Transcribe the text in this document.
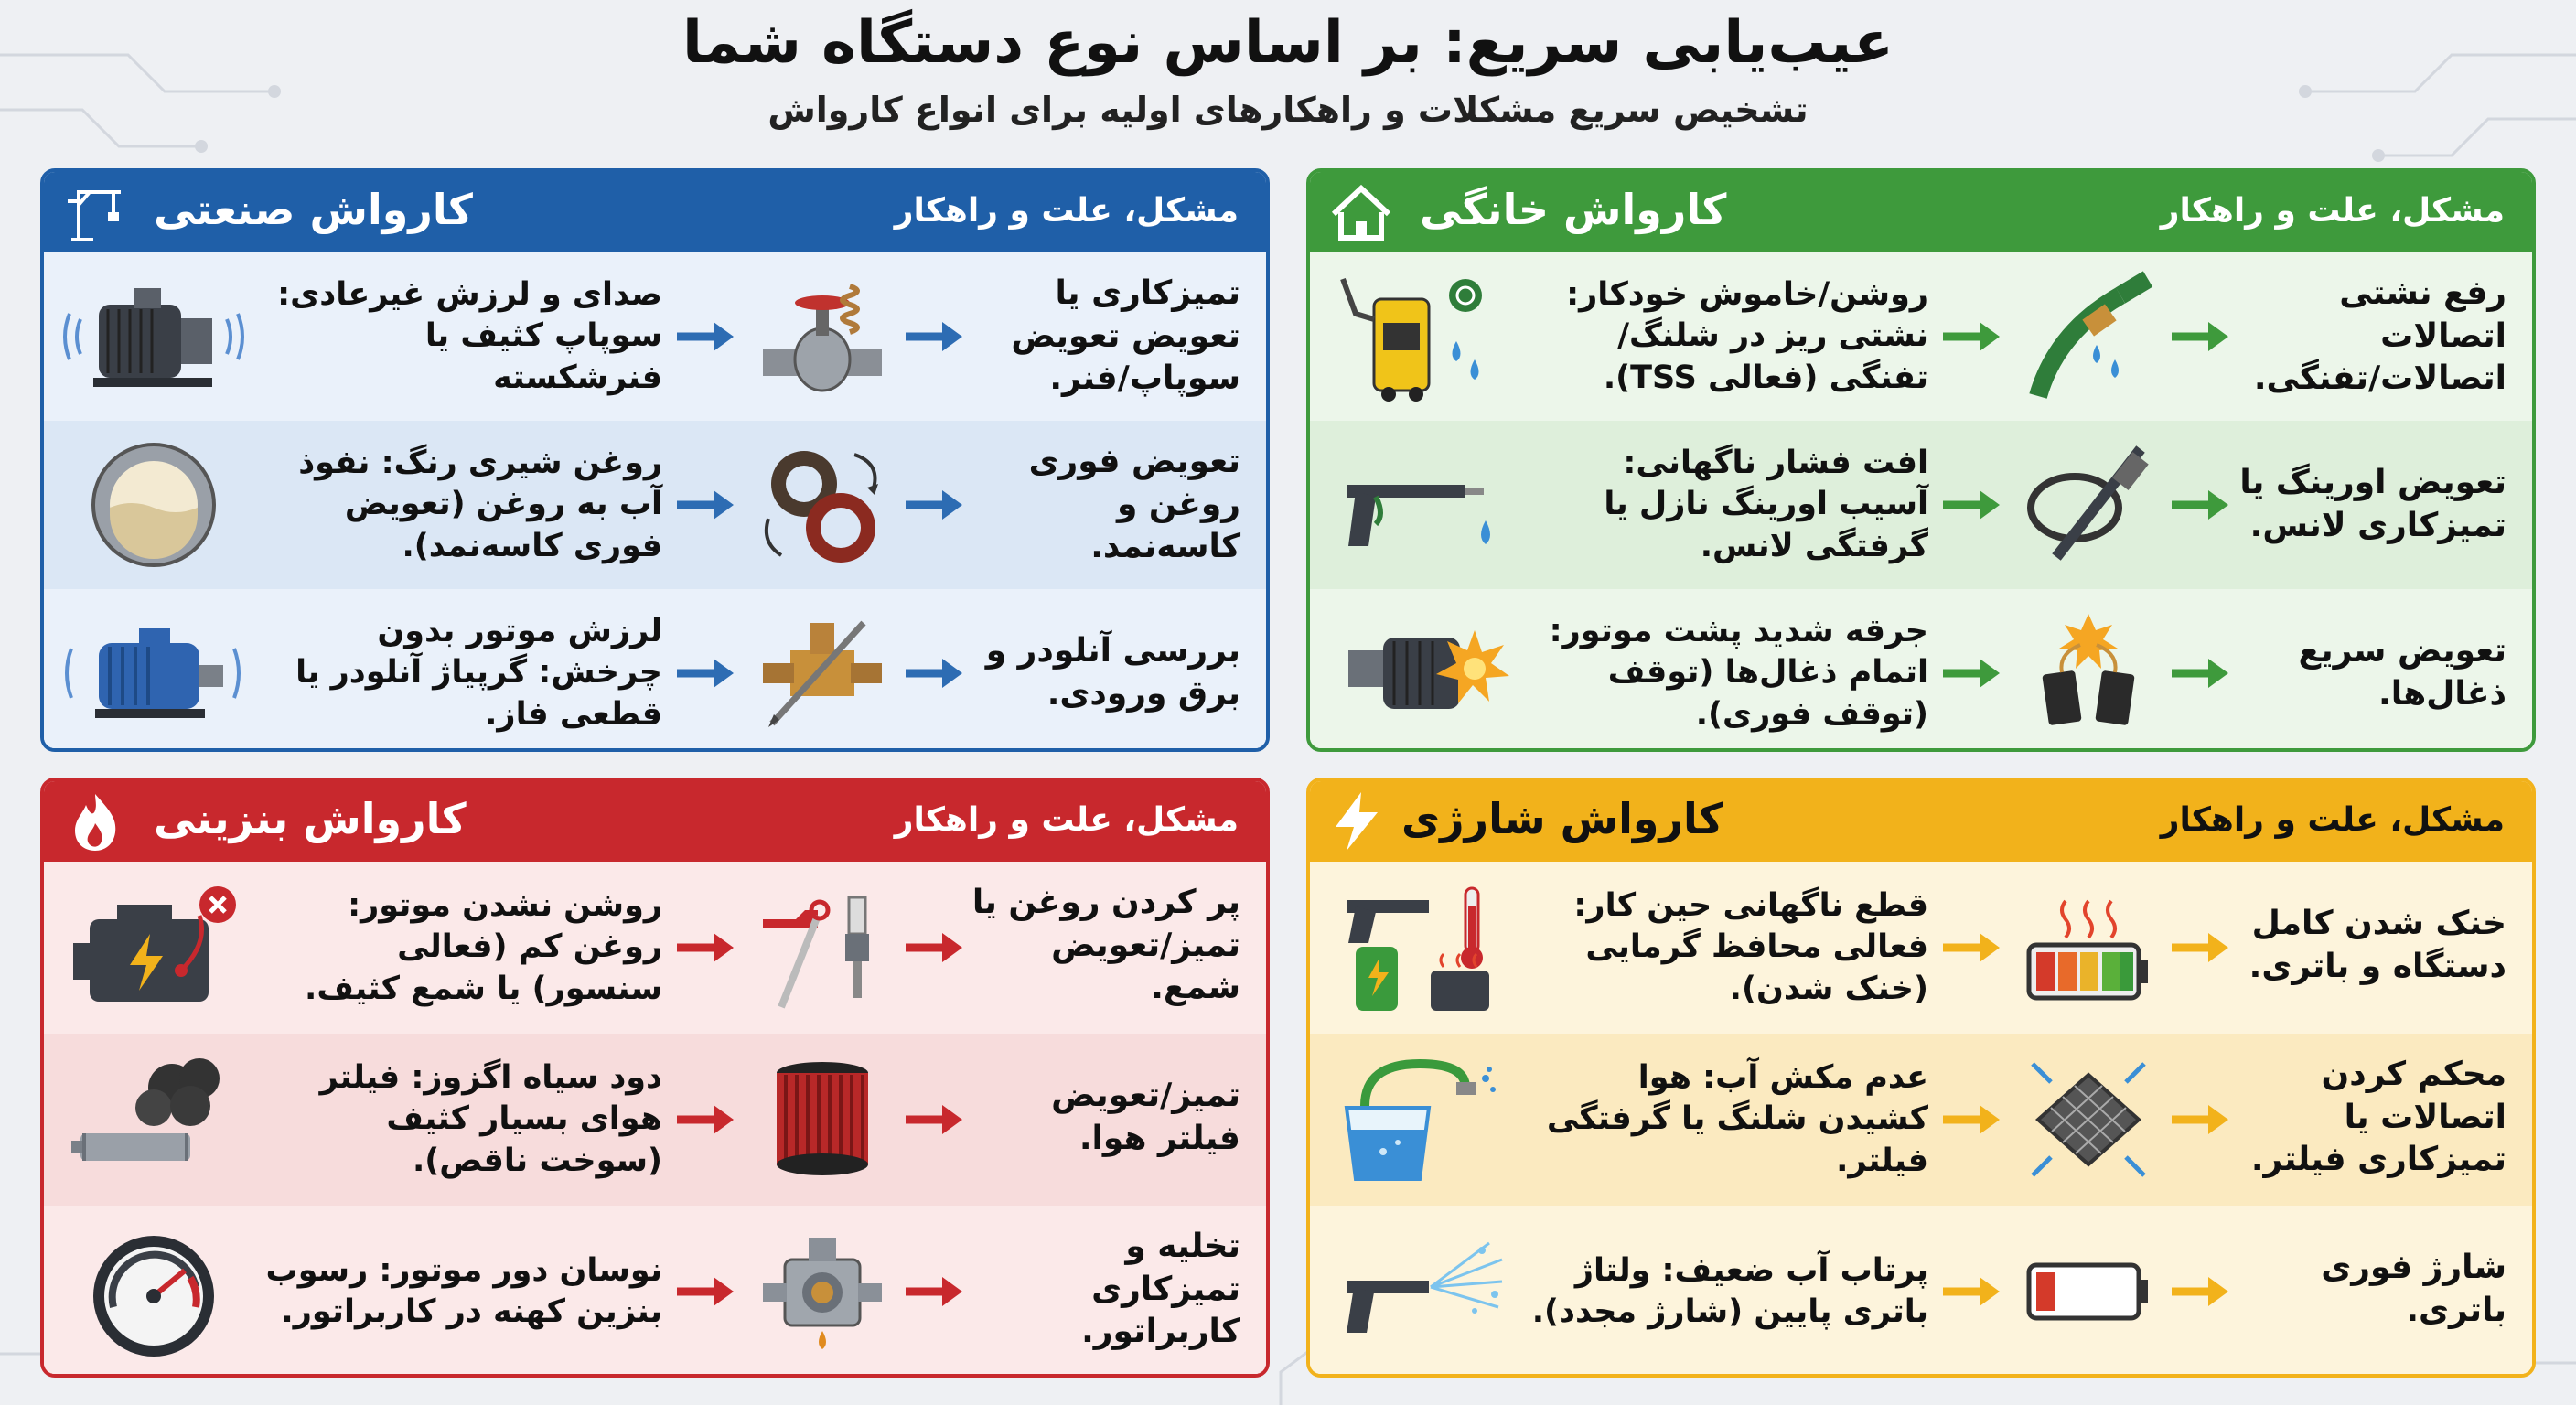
عیب‌یابی سریع: بر اساس نوع دستگاه شما
تشخیص سریع مشکلات و راهکارهای اولیه برای انواع کارواش
کارواش صنعتی	مشکل، علت و راهکار
تمیزکاری یا تعویض تعویض سوپاپ/فنر.
صدای و لرزش غیرعادی: سوپاپ کثیف یا فنرشکسته
تعویض فوری روغن و کاسه‌نمد.
روغن شیری رنگ: نفوذ آب به روغن (تعویض فوری کاسه‌نمد).
بررسی آنلودر و برق ورودی.
لرزش موتور بدون چرخش: گرپیاژ آنلودر یا قطعی فاز.
کارواش خانگی	مشکل، علت و راهکار
رفع نشتی اتصالات اتصالات/تفنگی.
روشن/خاموش خودکار: نشتی ریز در شلنگ/تفنگی (فعالی TSS).
تعویض اورینگ یا تمیزکاری لانس.
افت فشار ناگهانی: آسیب اورینگ نازل یا گرفتگی لانس.
تعویض سریع ذغال‌ها.
جرقه شدید پشت موتور: اتمام ذغال‌ها (توقف (توقف فوری).
کارواش بنزینی	مشکل، علت و راهکار
پر کردن روغن یا تمیز/تعویض شمع.
روشن نشدن موتور: روغن کم (فعالی سنسور) یا شمع کثیف.
تمیز/تعویض فیلتر هوا.
دود سیاه اگزوز: فیلتر هوای بسیار کثیف (سوخت ناقص).
تخلیه و تمیزکاری کاربراتور.
نوسان دور موتور: رسوب بنزین کهنه در کاربراتور.
کارواش شارژی	مشکل، علت و راهکار
خنک شدن کامل دستگاه و باتری.
قطع ناگهانی حین کار: فعالی محافظ گرمایی (خنک شدن).
محکم کردن اتصالات یا تمیزکاری فیلتر.
عدم مکش آب: هوا کشیدن شلنگ یا گرفتگی فیلتر.
شارژ فوری باتری.
پرتاب آب ضعیف: ولتاژ باتری پایین (شارژ مجدد).
